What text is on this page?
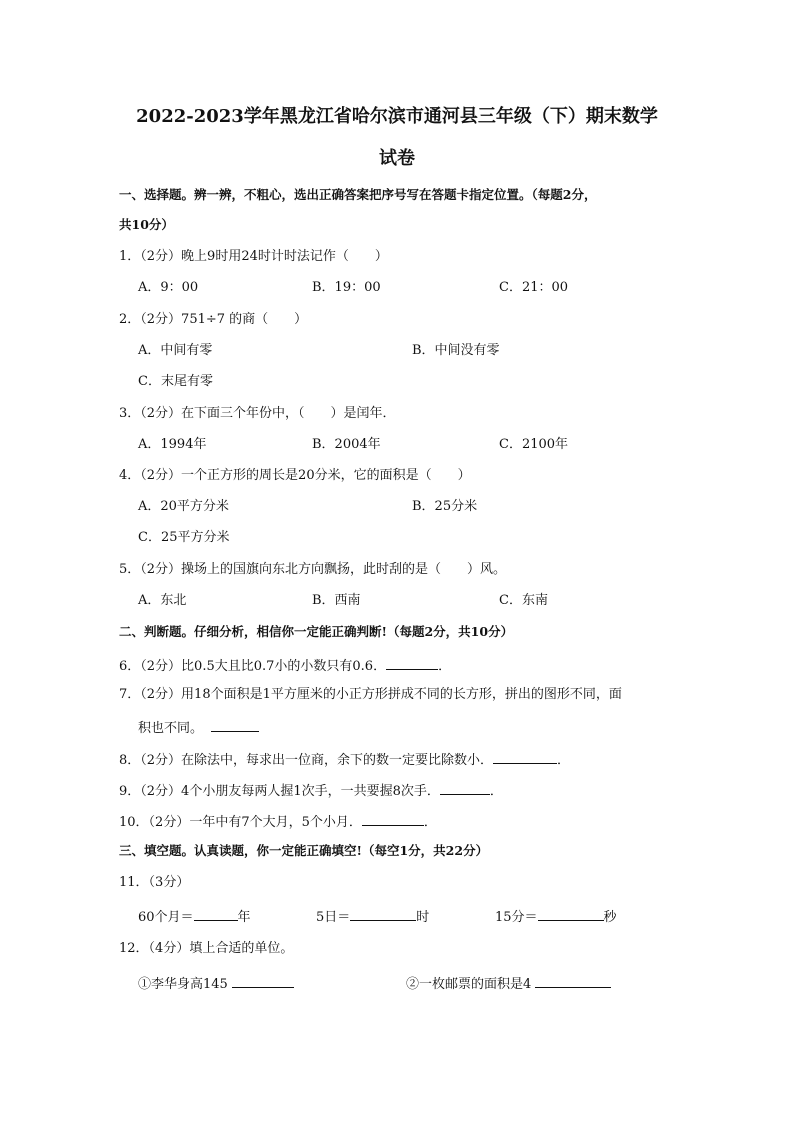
2022-2023学年黑龙江省哈尔滨市通河县三年级（下）期末数学
试卷
一、选择题。辨一辨，不粗心，选出正确答案把序号写在答题卡指定位置。（每题2分，
共10分）
1．（2分）晚上9时用24时计时法记作（　　）
A．9：00	B．19：00	C．21：00
2．（2分）751÷7 的商（　　）
A．中间有零	B．中间没有零
C．末尾有零
3．（2分）在下面三个年份中，（　　）是闰年．
A．1994年	B．2004年	C．2100年
4．（2分）一个正方形的周长是20分米，它的面积是（　　）
A．20平方分米	B．25分米
C．25平方分米
5．（2分）操场上的国旗向东北方向飘扬，此时刮的是（　　）风。
A．东北	B．西南	C．东南
二、判断题。仔细分析，相信你一定能正确判断!（每题2分，共10分）
6．（2分）比0.5大且比0.7小的小数只有0.6．	．
7．（2分）用18个面积是1平方厘米的小正方形拼成不同的长方形，拼出的图形不同，面
积也不同。
8．（2分）在除法中，每求出一位商，余下的数一定要比除数小．	．
9．（2分）4个小朋友每两人握1次手，一共要握8次手．	．
10．（2分）一年中有7个大月，5个小月．	．
三、填空题。认真读题，你一定能正确填空!（每空1分，共22分）
11．（3分）
60个月＝	年	5日＝	时	15分＝	秒
12．（4分）填上合适的单位。
①李华身高145	②一枚邮票的面积是4
